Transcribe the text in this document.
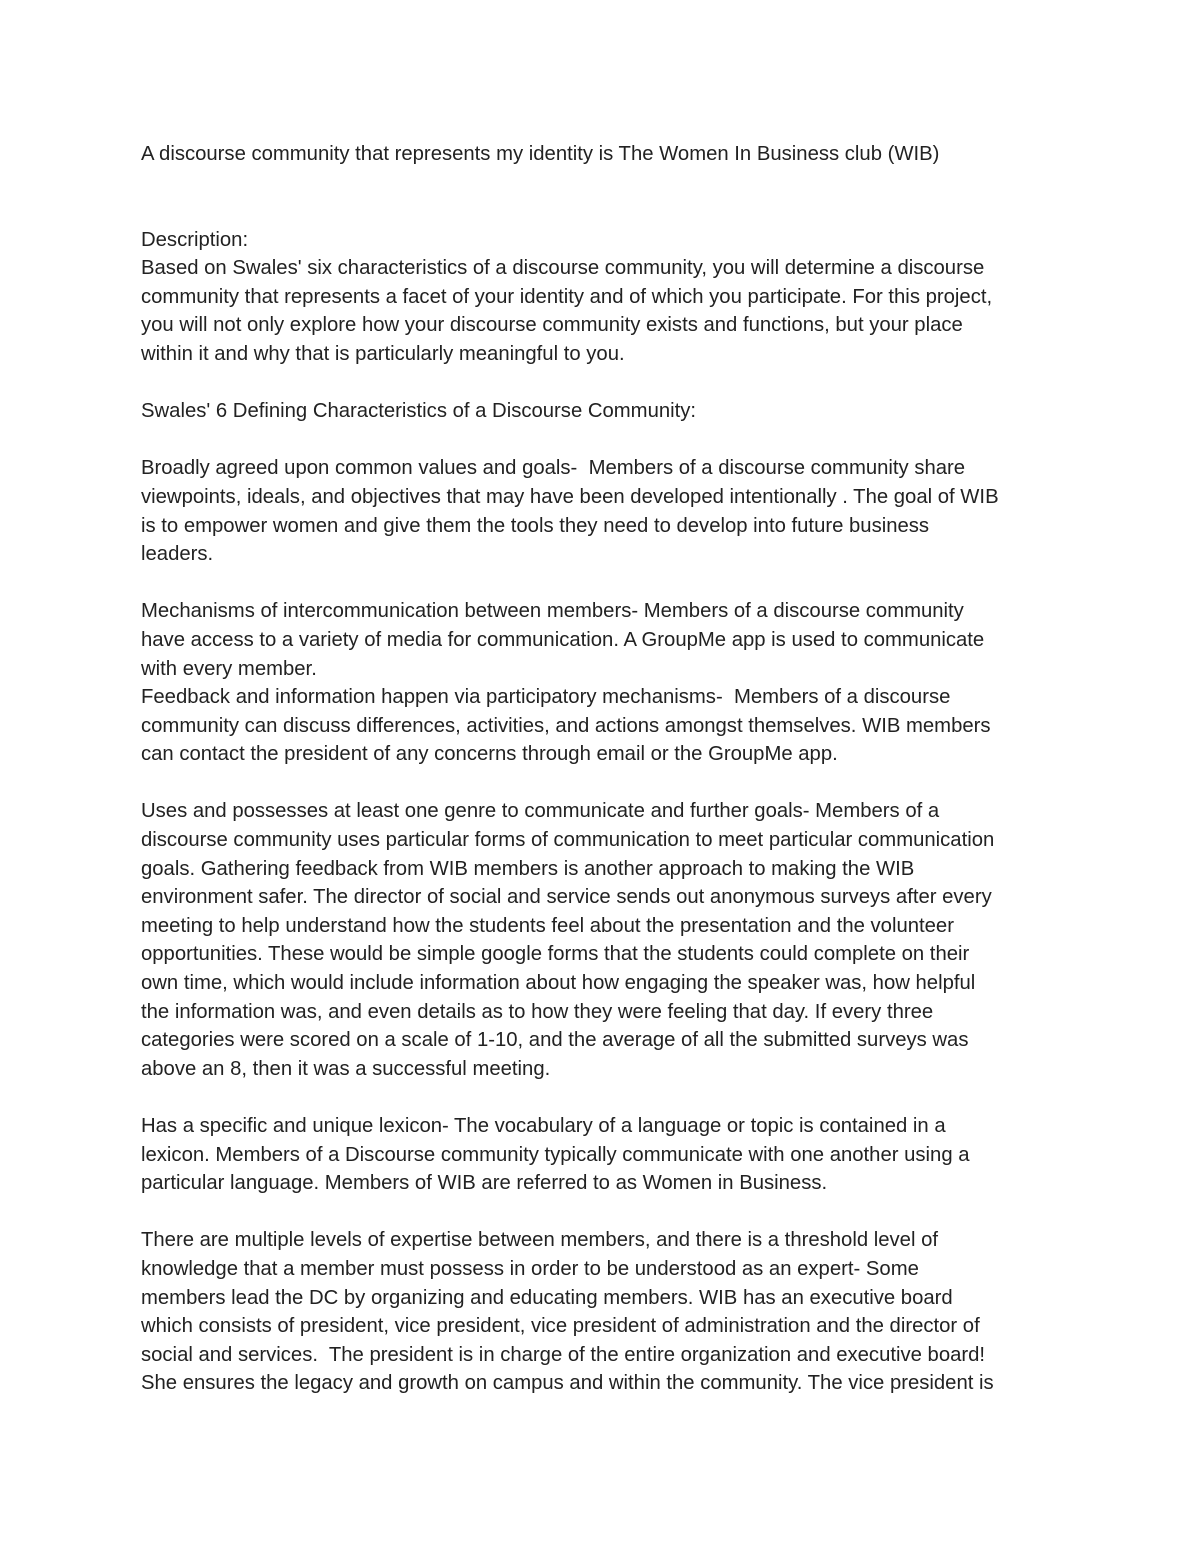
A discourse community that represents my identity is The Women In Business club (WIB)
Description:
Based on Swales' six characteristics of a discourse community, you will determine a discourse
community that represents a facet of your identity and of which you participate. For this project,
you will not only explore how your discourse community exists and functions, but your place
within it and why that is particularly meaningful to you.
Swales' 6 Defining Characteristics of a Discourse Community:
Broadly agreed upon common values and goals-  Members of a discourse community share
viewpoints, ideals, and objectives that may have been developed intentionally . The goal of WIB
is to empower women and give them the tools they need to develop into future business
leaders.
Mechanisms of intercommunication between members- Members of a discourse community
have access to a variety of media for communication. A GroupMe app is used to communicate
with every member.
Feedback and information happen via participatory mechanisms-  Members of a discourse
community can discuss differences, activities, and actions amongst themselves. WIB members
can contact the president of any concerns through email or the GroupMe app.
Uses and possesses at least one genre to communicate and further goals- Members of a
discourse community uses particular forms of communication to meet particular communication
goals. Gathering feedback from WIB members is another approach to making the WIB
environment safer. The director of social and service sends out anonymous surveys after every
meeting to help understand how the students feel about the presentation and the volunteer
opportunities. These would be simple google forms that the students could complete on their
own time, which would include information about how engaging the speaker was, how helpful
the information was, and even details as to how they were feeling that day. If every three
categories were scored on a scale of 1-10, and the average of all the submitted surveys was
above an 8, then it was a successful meeting.
Has a specific and unique lexicon- The vocabulary of a language or topic is contained in a
lexicon. Members of a Discourse community typically communicate with one another using a
particular language. Members of WIB are referred to as Women in Business.
There are multiple levels of expertise between members, and there is a threshold level of
knowledge that a member must possess in order to be understood as an expert- Some
members lead the DC by organizing and educating members. WIB has an executive board
which consists of president, vice president, vice president of administration and the director of
social and services.  The president is in charge of the entire organization and executive board!
She ensures the legacy and growth on campus and within the community. The vice president is
